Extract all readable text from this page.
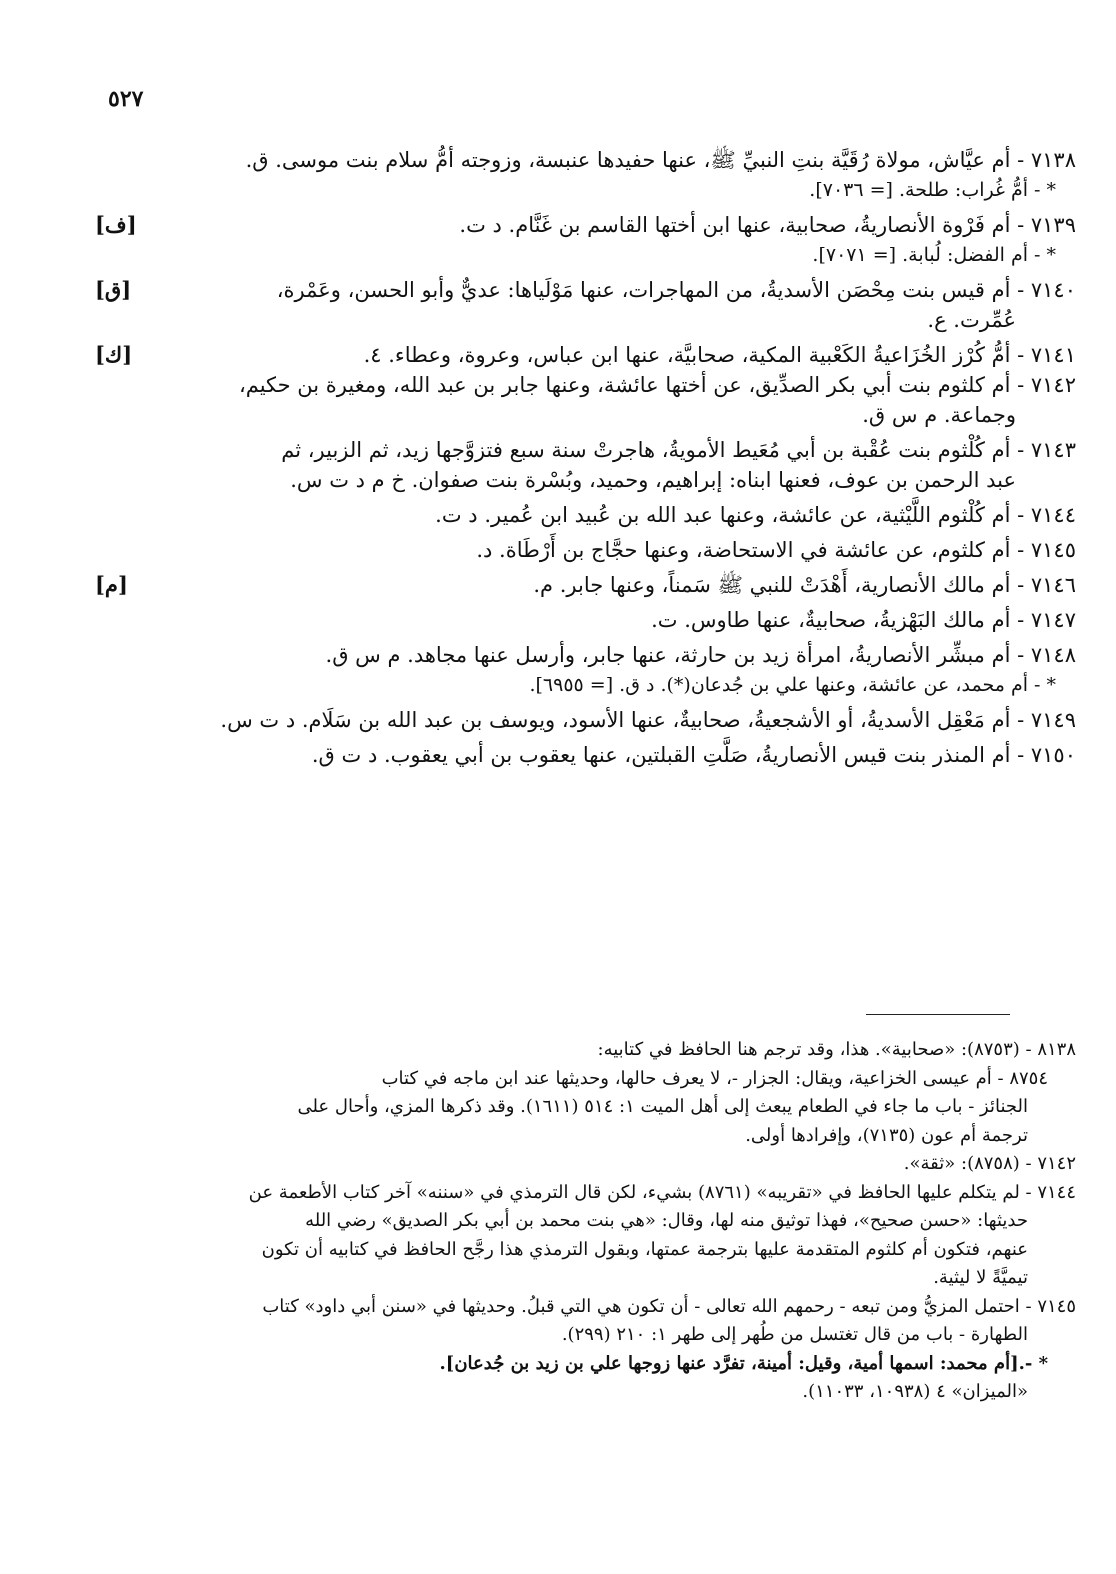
٥٢٧
٧١٣٨ - أم عيَّاش، مولاة رُقَيَّة بنتِ النبيِّ ﷺ، عنها حفيدها عنبسة، وزوجته أمُّ سلام بنت موسى. ق.
* - أمُّ غُراب: طلحة. [= ٧٠٣٦].
٧١٣٩ - أم فَرْوة الأنصاريةُ، صحابية، عنها ابن أختها القاسم بن غَنَّام. د ت.
[ف]
* - أم الفضل: لُبابة. [= ٧٠٧١].
٧١٤٠ - أم قيس بنت مِحْصَن الأسديةُ، من المهاجرات، عنها مَوْلَياها: عديٌّ وأبو الحسن، وعَمْرة،
[ق]
عُمِّرت. ع.
٧١٤١ - أمُّ كُرْز الخُزَاعيةُ الكَعْبية المكية، صحابيَّة، عنها ابن عباس، وعروة، وعطاء. ٤.
[ك]
٧١٤٢ - أم كلثوم بنت أبي بكر الصدِّيق، عن أختها عائشة، وعنها جابر بن عبد الله، ومغيرة بن حكيم،
وجماعة. م س ق.
٧١٤٣ - أم كُلْثوم بنت عُقْبة بن أبي مُعَيط الأمويةُ، هاجرتْ سنة سبع فتزوَّجها زيد، ثم الزبير، ثم
عبد الرحمن بن عوف، فعنها ابناه: إبراهيم، وحميد، وبُسْرة بنت صفوان. خ م د ت س.
٧١٤٤ - أم كُلْثوم اللَّيْثية، عن عائشة، وعنها عبد الله بن عُبيد ابن عُمير. د ت.
٧١٤٥ - أم كلثوم، عن عائشة في الاستحاضة، وعنها حجَّاج بن أَرْطَاة. د.
٧١٤٦ - أم مالك الأنصارية، أَهْدَتْ للنبي ﷺ سَمناً، وعنها جابر. م.
[م]
٧١٤٧ - أم مالك البَهْزيةُ، صحابيةٌ، عنها طاوس. ت.
٧١٤٨ - أم مبشِّر الأنصاريةُ، امرأة زيد بن حارثة، عنها جابر، وأرسل عنها مجاهد. م س ق.
* - أم محمد، عن عائشة، وعنها علي بن جُدعان(*). د ق. [= ٦٩٥٥].
٧١٤٩ - أم مَعْقِل الأسديةُ، أو الأشجعيةُ، صحابيةٌ، عنها الأسود، ويوسف بن عبد الله بن سَلَام. د ت س.
٧١٥٠ - أم المنذر بنت قيس الأنصاريةُ، صَلَّتِ القبلتين، عنها يعقوب بن أبي يعقوب. د ت ق.
٨١٣٨ - (٨٧٥٣): «صحابية». هذا، وقد ترجم هنا الحافظ في كتابيه:
٨٧٥٤ - أم عيسى الخزاعية، ويقال: الجزار -، لا يعرف حالها، وحديثها عند ابن ماجه في كتاب
الجنائز - باب ما جاء في الطعام يبعث إلى أهل الميت ١: ٥١٤ (١٦١١). وقد ذكرها المزي، وأحال على
ترجمة أم عون (٧١٣٥)، وإفرادها أولى.
٧١٤٢ - (٨٧٥٨): «ثقة».
٧١٤٤ - لم يتكلم عليها الحافظ في «تقريبه» (٨٧٦١) بشيء، لكن قال الترمذي في «سننه» آخر كتاب الأطعمة عن
حديثها: «حسن صحيح»، فهذا توثيق منه لها، وقال: «هي بنت محمد بن أبي بكر الصديق» رضي الله
عنهم، فتكون أم كلثوم المتقدمة عليها بترجمة عمتها، وبقول الترمذي هذا رجَّح الحافظ في كتابيه أن تكون
تيميَّةً لا ليثية.
٧١٤٥ - احتمل المزيُّ ومن تبعه - رحمهم الله تعالى - أن تكون هي التي قبلُ. وحديثها في «سنن أبي داود» كتاب
الطهارة - باب من قال تغتسل من طُهر إلى طهر ١: ٢١٠ (٢٩٩).
* -.[أم محمد: اسمها أمية، وقيل: أمينة، تفرَّد عنها زوجها علي بن زيد بن جُدعان].
«الميزان» ٤ (١٠٩٣٨، ١١٠٣٣).
